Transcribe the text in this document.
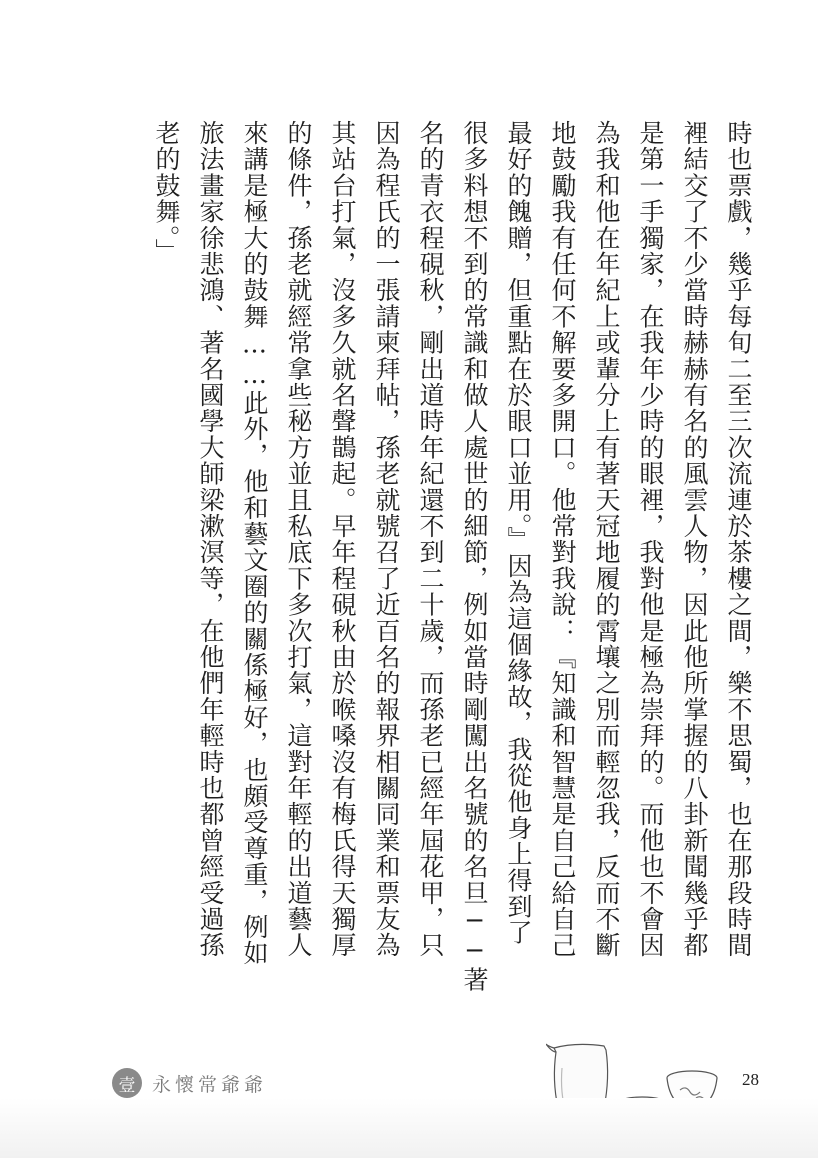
時也票戲，幾乎每旬二至三次流連於茶樓之間，樂不思蜀，也在那段時間
裡結交了不少當時赫赫有名的風雲人物，因此他所掌握的八卦新聞幾乎都
是第一手獨家，在我年少時的眼裡，我對他是極為崇拜的。而他也不會因
為我和他在年紀上或輩分上有著天冠地履的霄壤之別而輕忽我，反而不斷
地鼓勵我有任何不解要多開口。他常對我說：『知識和智慧是自己給自己
最好的餽贈，但重點在於眼口並用。』因為這個緣故，我從他身上得到了
很多料想不到的常識和做人處世的細節，例如當時剛闖出名號的名旦──著
名的青衣程硯秋，剛出道時年紀還不到二十歲，而孫老已經年屆花甲，只
因為程氏的一張請柬拜帖，孫老就號召了近百名的報界相關同業和票友為
其站台打氣，沒多久就名聲鵲起。早年程硯秋由於喉嗓沒有梅氏得天獨厚
的條件，孫老就經常拿些秘方並且私底下多次打氣，這對年輕的出道藝人
來講是極大的鼓舞……此外，他和藝文圈的關係極好，也頗受尊重，例如
旅法畫家徐悲鴻、著名國學大師梁漱溟等，在他們年輕時也都曾經受過孫
老的鼓舞。」
壹 永懷常爺爺	28
